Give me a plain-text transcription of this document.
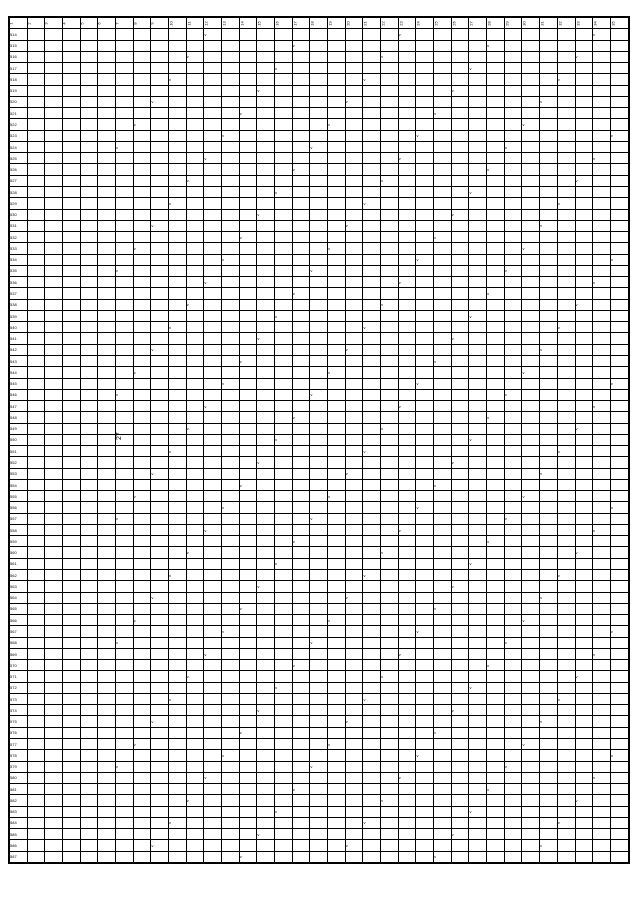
27
1	2	3	4	5	6	7	8	9	10	11	12	13	14	15	16	17	18	19	20	21	22	23	24	25	26	27	28	29	30	31	32	33	34	35
514											v											v											v	
515																v											v							
516										v											v											v		
517															v											v								
518									v											v											v			
519														v											v									
520								v											v											v				
521													v											v										
522							v											v											v					
523												v											v											v
524						v											v											v						
525											v											v											v	
526																v											v							
527										v											v											v		
528															v											v								
529									v											v											v			
530														v											v									
531								v											v											v				
532													v											v										
533							v											v											v					
534												v											v											v
535						v											v											v						
536											v											v											v	
537																v											v							
538										v											v											v		
539															v											v								
540									v											v											v			
541														v											v									
542								v											v											v				
543													v											v										
544							v											v											v					
545												v											v											v
546						v											v											v						
547											v											v											v	
548																v											v							
549										v											v											v		
550															v											v								
551									v											v											v			
552														v											v									
553								v											v											v				
554													v											v										
555							v											v											v					
556												v											v											v
557						v											v											v						
558											v											v											v	
559																v											v							
560										v											v											v		
561															v											v								
562									v											v											v			
563														v											v									
564								v											v											v				
565													v											v										
566							v											v											v					
567												v											v											v
568						v											v											v						
569											v											v											v	
570																v											v							
571										v											v											v		
572															v											v								
573									v											v											v			
574														v											v									
575								v											v											v				
576													v											v										
577							v											v											v					
578												v											v											v
579						v											v											v						
580											v											v											v	
581																v											v							
582										v											v											v		
583															v											v								
584									v											v											v			
585														v											v									
586								v											v											v				
587													v											v										
